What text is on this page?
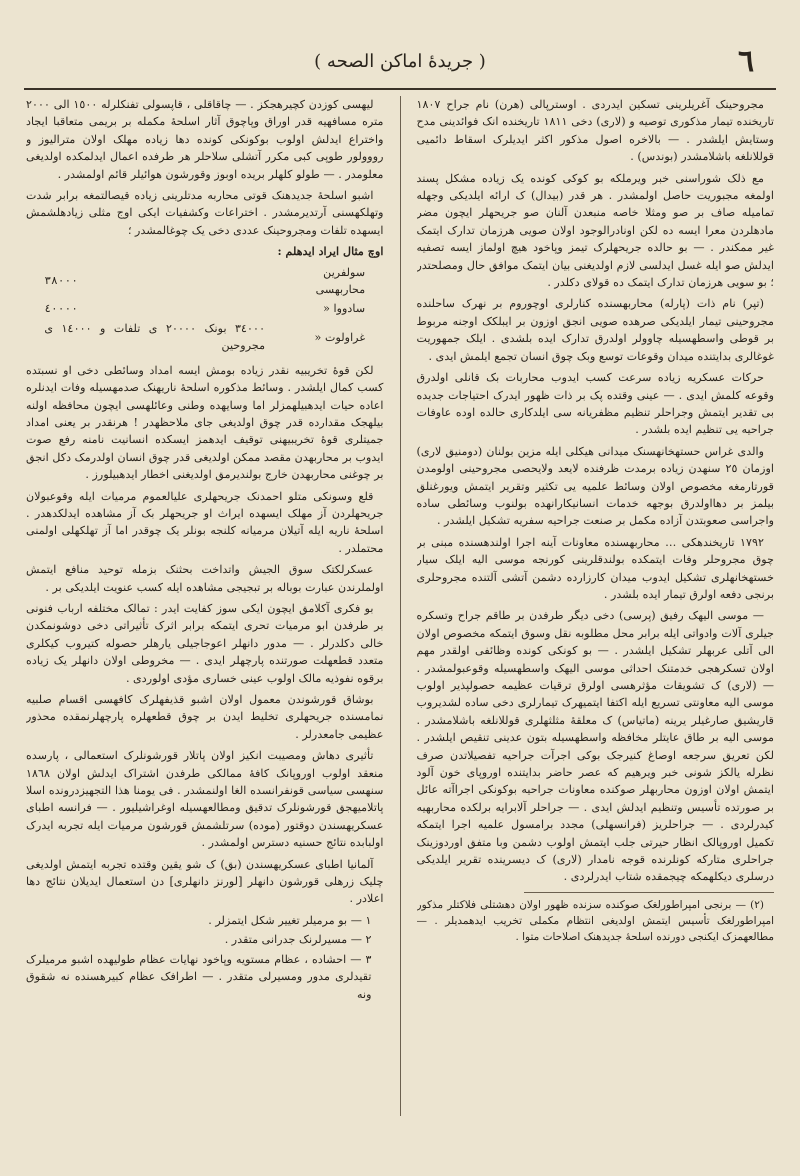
٦
( جریدهٔ اماکن الصحه )

مجروحینک آغریلرینی تسکین ایدردی . اوسترپالی (هرن) نام جراح ١٨٠٧ تاریخنده تیمار مذکوری توصیه و (لاری) دخی ١٨١١ تاریخنده انک فوائدینی مدح وستایش ایلشدر . — بالاخره اصول مذکور اکثر ایدیلرک اسقاط دائمیی قوللانلغه باشلامشدر (بوندس) .

مع ذلک شوراسنی خبر ویرملکه بو کوکی کونده یک زیاده مشکل پسند اولمغه مجبوریت حاصل اولمشدر . هر قدر (بیدال) ک ارائه ایلدیکی وجهله تمامیله صاف بر صو ومثلا خاصه منبعدن آلنان صو جریحهلر ایچون مضر مادهلردن معرا ایسه ده لکن اونادرالوجود اولان صویی هرزمان تدارک ایتمک غیر ممکندر . — بو حالده جریحهلرک تیمز وپاخود هیچ اولماز ایسه تصفیه ایدلش صو ایله غسل ایدلسی لازم اولدیغنی بیان ایتمک موافق حال ومصلحتدر ؛ بو سویی هرزمان تدارک ایتمک ده قولای دکلدر .

(تپر) نام ذات (پارله) محاربهسنده کنارلری اوچوروم بر نهرک ساحلنده مجروحینی تیمار ایلدیکی صرهده صویی انجق اوزون بر ایبلکک اوجنه مربوط بر قوطی واسطهسیله چاوولر اولدرق تدارک ایده بلشدی . ایلک جمهوریت غوغالری بدایتنده میدان وقوعات توسع وبک چوق انسان تجمع ایلمش ایدی .

حرکات عسکریه زیاده سرعت کسب ایدوب محاربات بک قانلی اولدرق وقوعه کلمش ایدی . — عینی وقتده پک بر ذات ظهور ایدرک احتیاجات جدیده بی تقدیر ایتمش وجراحلر تنظیم مظفریانه سی ایلدکاری حالده اوده عاوفات جراحیه یی تنظیم ایده بلشدر .

والدی غراس حستهخانهسنک میدانی هیکلی ایله مزین بولنان (دومنیق لاری) اوزمان ٢٥ سنهدن زیاده برمدت ظرفنده لایعد ولایحصی مجروحینی اولومدن قورتارمغه مخصوص اولان وسائط علمیه یی تکثیر وتقریر ایتمش ویورغنلق بیلمز بر دهااولدرق بوجهه خدمات انسانیکارانهده بولنوب وسائطی ساده واجراسی صعوبتدن آزاده مکمل بر صنعت جراحیه سفریه تشکیل ایلشدر .

١٧٩٢ تاریخندهکی … محاربهسنده معاونات آینه اجرا اولندهسنده مبنی بر چوق مجروحلر وفات ایتمکده بولندقلرینی کورنجه موسی الیه ایلک سیار خستهخانهلری تشکیل ایدوب میدان کارزارده دشمن آتشی آلتنده مجروحلری برنجی دفعه اولرق تیمار ایده بلشدر .

— موسی الیهک رفیق (پرسی) دخی دیگر طرفدن بر طاقم جراح وتسکره جیلری آلات وادواتی ایله برابر محل مطلوبه نقل وسوق ایتمکه مخصوص اولان الی آتلی عربهلر تشکیل ایلشدر . — بو کونکی کونده وظائفی اولقدر مهم اولان تسکرهجی خدمتنک احداثی موسی الیهک واسطهسیله وقوعبولمشدر . — (لاری) ک تشویقات مؤثرهسی اولرق ترقیات عظیمه حصولپذیر اولوب موسی الیه معاونتی تسریع ایله اکتفا ایتمیهرک تیمارلری دخی ساده لشدیروب قاریشیق صارغیلر یرینه (ماتیاس) ک معلقهٔ مثلثهلری قوللانلغه باشلامشدر . موسی الیه بر طاق عایتلر مخافظه واسطهسیله بتون عدینی تنقیص ایلشدر . لکن تعریق سرجعه اوصاغ کنیرجک بوکی اجرآت جراحیه تفصیلاتدن صرف نظرله یالکز شونی خبر ویرهیم که عصر حاضر بدایتنده اوروپای خون آلود ایتمش اولان اوزون محاربهلر صوکنده معاونات جراحیه بوکونکی اجراآته عائل بر صورتده تأسیس وتنظیم ایدلش ایدی . — جراحلر آلابرایه برلکده محاربهیه کیدرلردی . — جراحلریز (فرانسهلی) مجدد برامسول علمیه اجرا ایتمکه تکمیل اوروپالک انظار حیرتی جلب ایتمش اولوب دشمن وبا متفق اوردوزینک جراحلری متارکه کونلرنده قوجه نامدار (لاری) ک دیسرینده تقریر ایلدیکی درسلری دیکلهمکه چیجمقده شتاب ایدرلردی .

(٢) — برنجی امپراطورلغک صوکنده سزنده ظهور اولان دهشتلی فلاکتلر مذکور امپراطورلغک تأسیس ایتمش اولدیغی انتظام مکملی تخریب ایدهمدیلر . — مطالعهمزک ایکنجی دورنده اسلحهٔ جدیدهنک اصلاحات متوا .

لیهسی کوزدن کچیرهجکز . — چاقاقلی ، قاپسولی تفنکلرله ١٥٠٠ الی ٢٠٠٠ متره مسافهیه قدر اوراق وپاچوق آثار اسلحهٔ مکمله بر بریمی متعاقبا ایجاد واختراع ایدلش اولوب بوکونکی کونده دها زیاده مهلک اولان متراليوز و رووولور طوپی کبی مکرر آتشلی سلاحلر هر طرفده اعمال ایدلمکده اولدیغی معلومدر . — طولو کلهلر بریده اوبوز وقورشون هوائیلر قائم اولمشدر .

اشبو اسلحهٔ جدیدهنک قوتی محاربه مدتلرینی زیاده قیصالتمغه برابر شدت وتهلکهسنی آرتدیرمشدر . اختراعات وکشفیات ایکی اوج مثلی زیادهلشمش ایسهده تلفات ومجروحینک عددی دخی یک چوغالمشدر ؛

اوچ مثال ایراد ایدهلم :
سولفرین محاربهسی	٣٨٠٠٠
سادووا «	٤٠٠٠٠
غراولوت «	٣٤٠٠٠ بونک ٢٠٠٠٠ ی تلفات و ١٤٠٠٠ ی مجروحین

لکن قوهٔ تخریبیه نقدر زیاده بومش ایسه امداد وسائطی دخی او نسبتده کسب کمال ایلشدر . وسائط مذکوره اسلحهٔ ناریهنک صدمهسیله وفات ایدنلره اعاده حیات ایدهبیلهمزلر اما وسایهده وطنی وعائلهسی ایچون محافظه اولنه بیلهجک مقدارده قدر چوق اولدیغی جای ملاحظهدر ! هرنقدر بر یعنی امداد جمیتلری قوهٔ تخریبیهنی توقیف ایدهمز ایسکده انسانیت نامنه رفع صوت ایدوب بر محاربهدن مقصد ممکن اولدیغی قدر چوق انسان اولدرمک دکل انجق بر چوغنی محاربهدن خارج بولندیرمق اولدیغنی اخطار ایدهبیلورز .

قلع وسونکی متلو احمدنک جریحهلری علیالعموم مرمیات ایله وقوعبولان جریحهلردن آز مهلک ایسهده ایراث او جریحهلر بک آز مشاهده ایدلکدهدر . اسلحهٔ ناریه ایله آتیلان مرمیانه کلنجه بونلر یک چوقدر اما آز تهلکهلی اولمنی محتملدر .

عسکرلکتک سوق الجیش واتداخت بحثنک بزمله توحید منافع ایتمش اولملرندن عبارت بوباله بر تبجیجی مشاهده ایله کسب عنویت ایلدیکی بر .

بو فکری آکلامق ایچون ایکی سوز کفایت ایدر : تمالک مختلفه ارباب فنونی بر طرفدن ابو مرمیات تحری ایتمکه برابر اثرک تأثیراتی دخی دوشونمکدن خالی دکلدرلر . — مدور دانهلر اعوجاجیلی یارهلر حصوله کتیروب کیکلری متعدد قطعهلت صورتنده پارچهلر ایدی . — مخروطی اولان دانهلر یک زیاده برقوه نفوذیه مالک اولوب عینی خساری مؤدی اولوردی .

بوشاق قورشوندن معمول اولان اشبو قذیفهلرک کافهسی اقسام صلبیه نمامسنده جریحهلری تخلیط ایدن بر چوق قطعهلره پارچهلرنمقده محذور عظیمی جامعدرلر .

تأثیری دهاش ومصیبت انکیز اولان پاتلار قورشونلرک استعمالی ، پارسده منعقد اولوب اوروپانک کافهٔ ممالکی طرفدن اشتراک ایدلش اولان ١٨٦٨ سنهسی سیاسی قونفرانسده الغا اولنمشدر . فی یومنا هذا التجهیزدرونده اسلا پاتلامیهجق قورشونلرک تدقیق ومطالعهسیله اوغراشیلیور . — فرانسه اطبای عسکریهسندن دوقتور (موده) سرتلشمش قورشون مرمیات ایله تجربه ایدرک اولبابده نتائج حسنیه دسترس اولمشدر .

آلمانیا اطبای عسکریهسندن (بق) ک شو یقین وقتده تجربه ایتمش اولدیغی چلیک زرهلی قورشون دانهلر [لورنز دانهلری] دن استعمال ایدیلان نتائج دها اعلادر .

١ — بو مرمیلر تغییر شکل ایتمزلر .
٢ — مسیرلرنک جدرانی متقدر .
٣ — احشاده ، عظام مستویه وپاخود نهایات عظام طولیهده اشبو مرمیلرک تقیدلری مدور ومسیرلی متقدر . — اطرافک عظام کبیرهسنده نه شقوق ونه
